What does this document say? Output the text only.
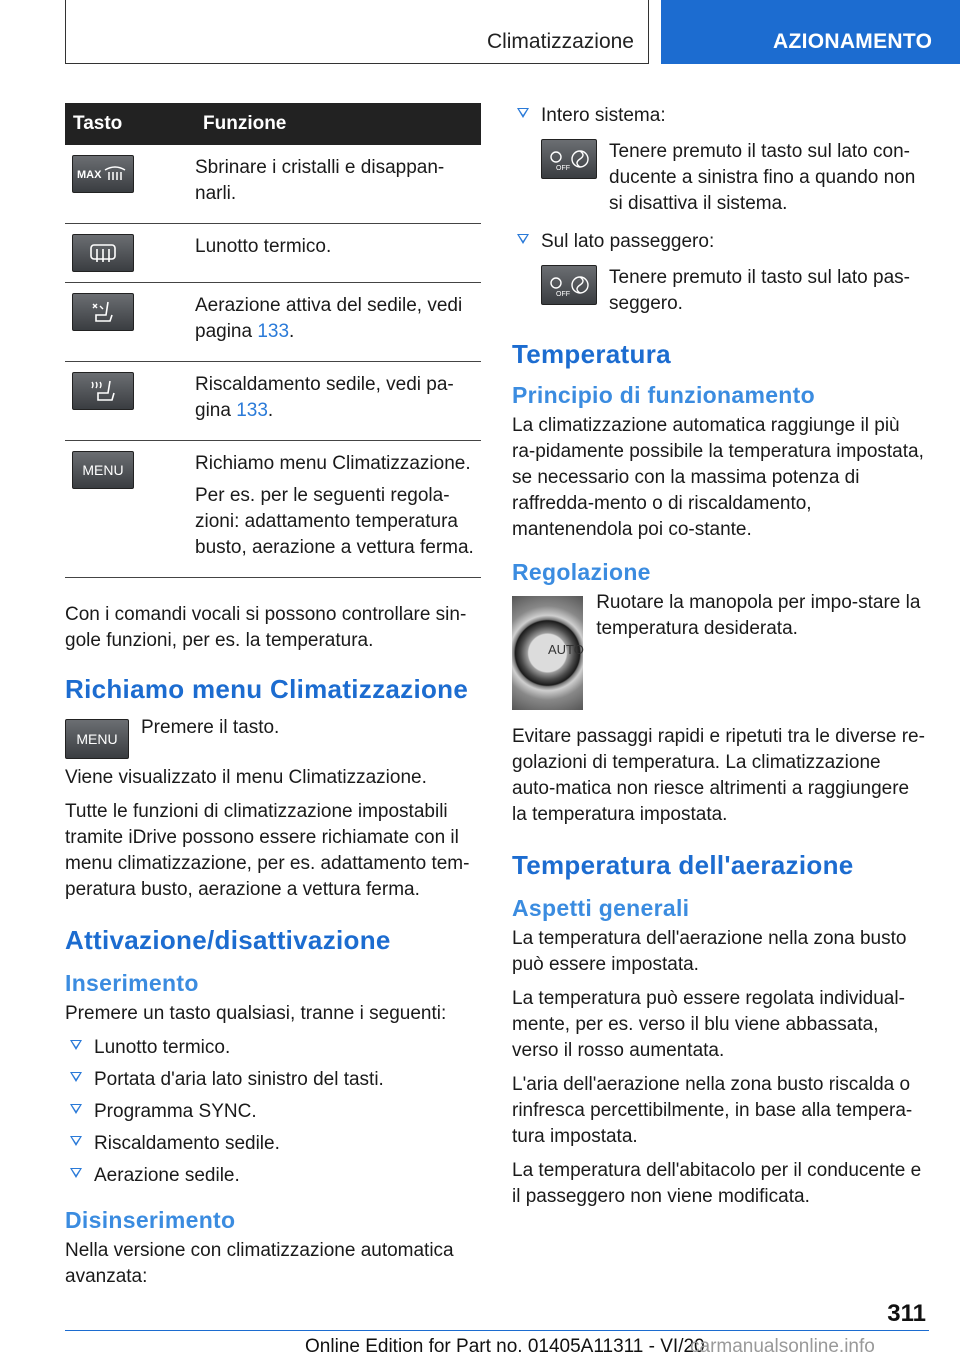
Climatizzazione	AZIONAMENTO
Tasto	Funzione

MAX	Sbrinare i cristalli e disappan-narli.

Lunotto termico.

Aerazione attiva del sedile, vedi pagina 133.

Riscaldamento sedile, vedi pa-gina 133.

MENU	Richiamo menu Climatizzazione.

Per es. per le seguenti regola-zioni: adattamento temperatura busto, aerazione a vettura ferma.

Con i comandi vocali si possono controllare sin-gole funzioni, per es. la temperatura.

Richiamo menu Climatizzazione
MENU

Premere il tasto.

Viene visualizzato il menu Climatizzazione.

Tutte le funzioni di climatizzazione impostabili tramite iDrive possono essere richiamate con il menu climatizzazione, per es. adattamento tem-peratura busto, aerazione a vettura ferma.

Attivazione/disattivazione
Inserimento

Premere un tasto qualsiasi, tranne i seguenti:

Lunotto termico.
Portata d'aria lato sinistro del tasti.
Programma SYNC.
Riscaldamento sedile.
Aerazione sedile.
Disinserimento

Nella versione con climatizzazione automatica avanzata:

Intero sistema:
OFF

Tenere premuto il tasto sul lato con-ducente a sinistra fino a quando non si disattiva il sistema.

Sul lato passeggero:
OFF

Tenere premuto il tasto sul lato pas-seggero.

Temperatura
Principio di funzionamento

La climatizzazione automatica raggiunge il più ra-pidamente possibile la temperatura impostata, se necessario con la massima potenza di raffredda-mento o di riscaldamento, mantenendola poi co-stante.

Regolazione
AUTO

Ruotare la manopola per impo-stare la temperatura desiderata.

Evitare passaggi rapidi e ripetuti tra le diverse re-golazioni di temperatura. La climatizzazione auto-matica non riesce altrimenti a raggiungere la temperatura impostata.

Temperatura dell'aerazione
Aspetti generali

La temperatura dell'aerazione nella zona busto può essere impostata.

La temperatura può essere regolata individual-mente, per es. verso il blu viene abbassata, verso il rosso aumentata.

L'aria dell'aerazione nella zona busto riscalda o rinfresca percettibilmente, in base alla tempera-tura impostata.

La temperatura dell'abitacolo per il conducente e il passeggero non viene modificata.

311
Online Edition for Part no. 01405A11311 - VI/20
carmanualsonline.info
